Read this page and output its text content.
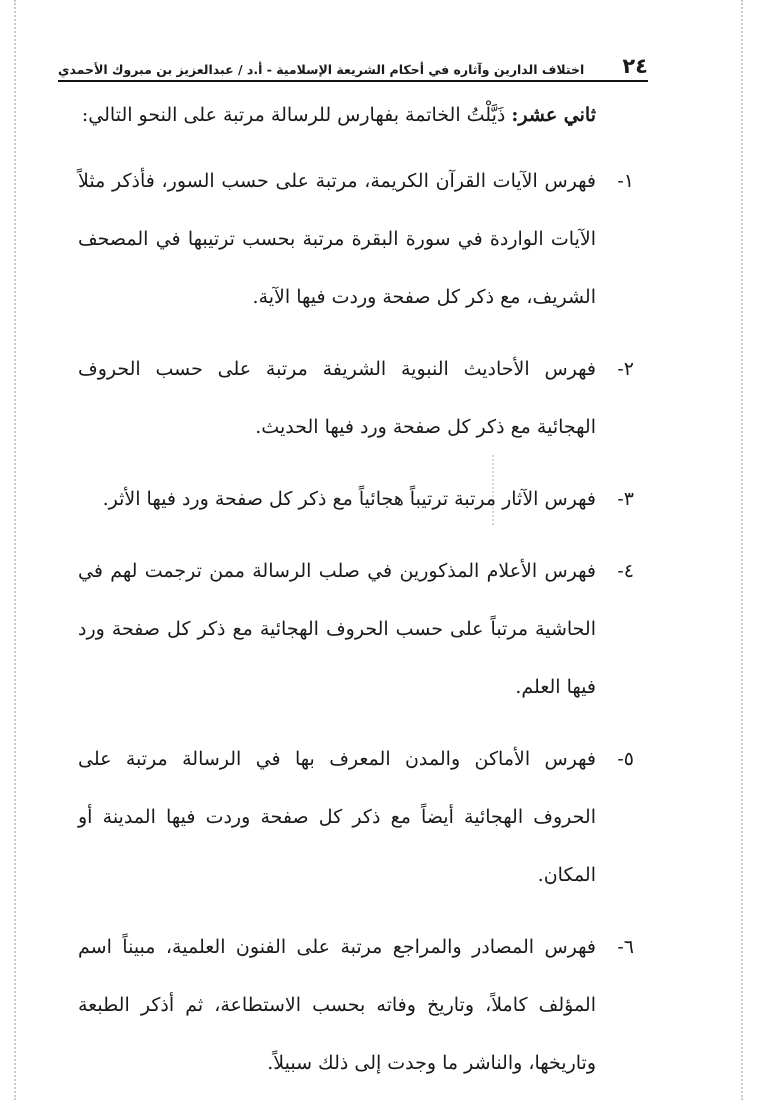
٢٤
اختلاف الدارين وآثاره في أحكام الشريعة الإسلامية - أ.د / عبدالعزيز بن مبروك الأحمدي

ثاني عشر: ذَيَّلْتُ الخاتمة بفهارس للرسالة مرتبة على النحو التالي:

١-

فهرس الآيات القرآن الكريمة، مرتبة على حسب السور، فأذكر مثلاً الآيات الواردة في سورة البقرة مرتبة بحسب ترتيبها في المصحف الشريف، مع ذكر كل صفحة وردت فيها الآية.

٢-

فهرس الأحاديث النبوية الشريفة مرتبة على حسب الحروف الهجائية مع ذكر كل صفحة ورد فيها الحديث.

٣-

فهرس الآثار مرتبة ترتيباً هجائياً مع ذكر كل صفحة ورد فيها الأثر.

٤-

فهرس الأعلام المذكورين في صلب الرسالة ممن ترجمت لهم في الحاشية مرتباً على حسب الحروف الهجائية مع ذكر كل صفحة ورد فيها العلم.

٥-

فهرس الأماكن والمدن المعرف بها في الرسالة مرتبة على الحروف الهجائية أيضاً مع ذكر كل صفحة وردت فيها المدينة أو المكان.

٦-

فهرس المصادر والمراجع مرتبة على الفنون العلمية، مبيناً اسم المؤلف كاملاً، وتاريخ وفاته بحسب الاستطاعة، ثم أذكر الطبعة وتاريخها، والناشر ما وجدت إلى ذلك سبيلاً.
